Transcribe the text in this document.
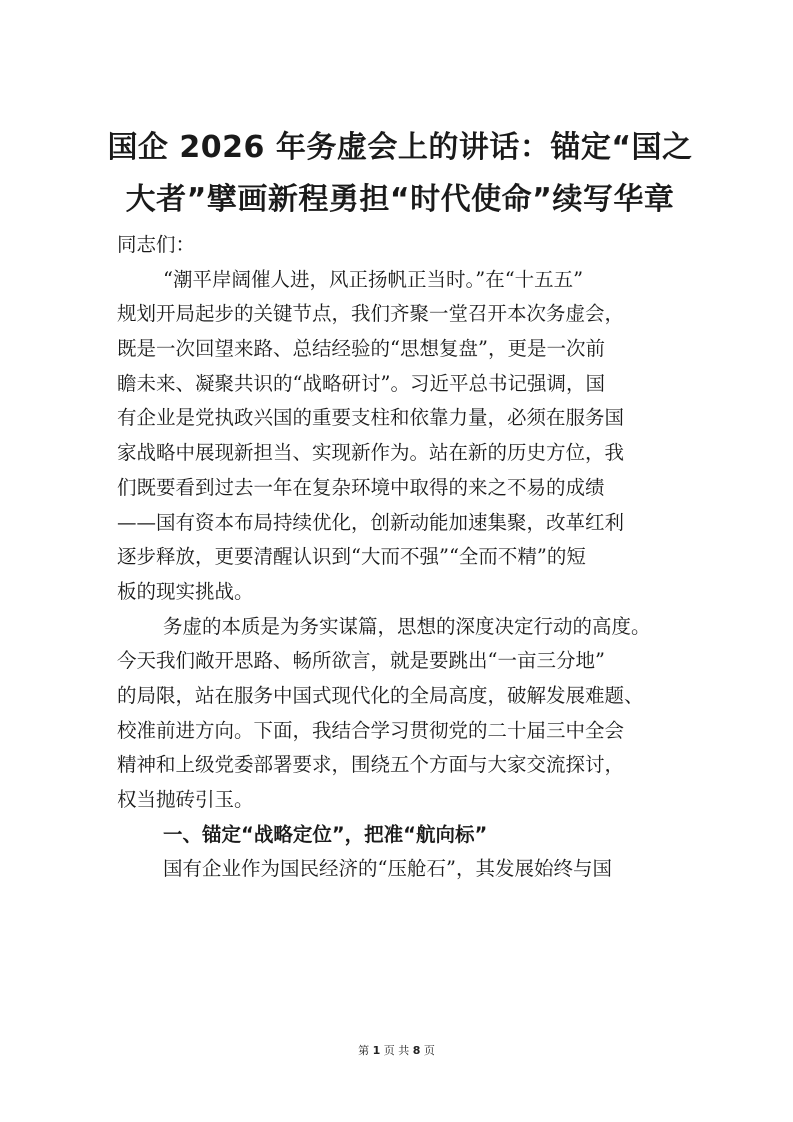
国企 2026 年务虚会上的讲话：锚定“国之
大者”擘画新程勇担“时代使命”续写华章
同志们：
“潮平岸阔催人进，风正扬帆正当时。”在“十五五”
规划开局起步的关键节点，我们齐聚一堂召开本次务虚会，
既是一次回望来路、总结经验的“思想复盘”，更是一次前
瞻未来、凝聚共识的“战略研讨”。习近平总书记强调，国
有企业是党执政兴国的重要支柱和依靠力量，必须在服务国
家战略中展现新担当、实现新作为。站在新的历史方位，我
们既要看到过去一年在复杂环境中取得的来之不易的成绩
——国有资本布局持续优化，创新动能加速集聚，改革红利
逐步释放，更要清醒认识到“大而不强”“全而不精”的短
板的现实挑战。
务虚的本质是为务实谋篇，思想的深度决定行动的高度。
今天我们敞开思路、畅所欲言，就是要跳出“一亩三分地”
的局限，站在服务中国式现代化的全局高度，破解发展难题、
校准前进方向。下面，我结合学习贯彻党的二十届三中全会
精神和上级党委部署要求，围绕五个方面与大家交流探讨，
权当抛砖引玉。
一、锚定“战略定位”，把准“航向标”
国有企业作为国民经济的“压舱石”，其发展始终与国
第 1 页 共 8 页
